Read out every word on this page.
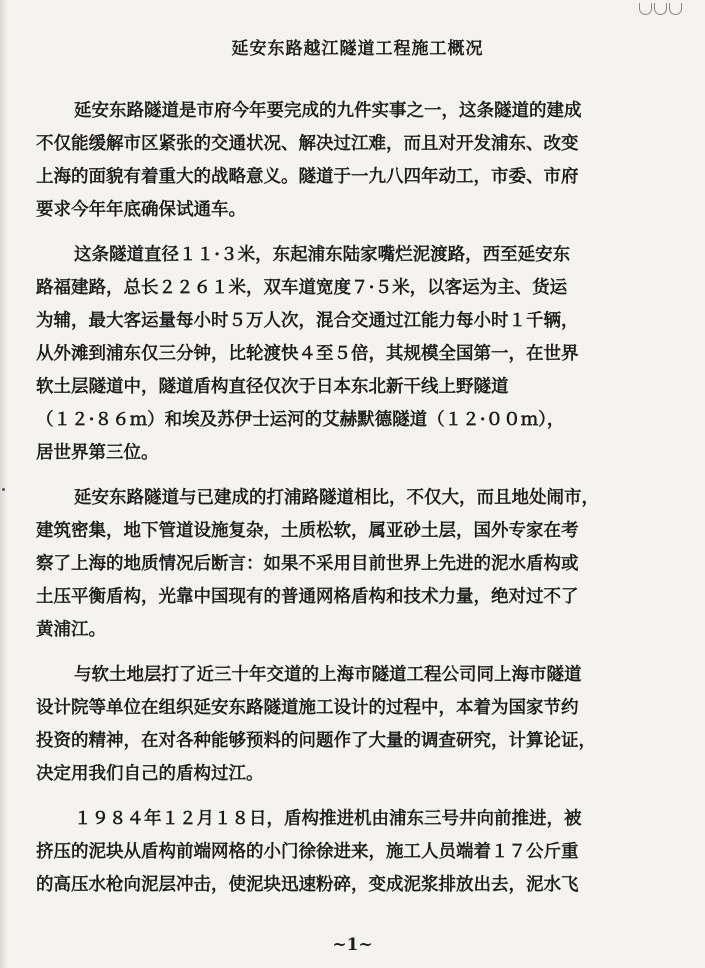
延安东路越江隧道工程施工概况
延安东路隧道是市府今年要完成的九件实事之一，这条隧道的建成
不仅能缓解市区紧张的交通状况、解决过江难，而且对开发浦东、改变
上海的面貌有着重大的战略意义。隧道于一九八四年动工，市委、市府
要求今年年底确保试通车。
这条隧道直径１１·３米，东起浦东陆家嘴烂泥渡路，西至延安东
路福建路，总长２２６１米，双车道宽度７·５米，以客运为主、货运
为辅，最大客运量每小时５万人次，混合交通过江能力每小时１千辆，
从外滩到浦东仅三分钟，比轮渡快４至５倍，其规模全国第一，在世界
软土层隧道中，隧道盾构直径仅次于日本东北新干线上野隧道
（１２·８６ｍ）和埃及苏伊士运河的艾赫默德隧道（１２·００ｍ），
居世界第三位。
延安东路隧道与已建成的打浦路隧道相比，不仅大，而且地处闹市，
建筑密集，地下管道设施复杂，土质松软，属亚砂土层，国外专家在考
察了上海的地质情况后断言：如果不采用目前世界上先进的泥水盾构或
土压平衡盾构，光靠中国现有的普通网格盾构和技术力量，绝对过不了
黄浦江。
与软土地层打了近三十年交道的上海市隧道工程公司同上海市隧道
设计院等单位在组织延安东路隧道施工设计的过程中，本着为国家节约
投资的精神，在对各种能够预料的问题作了大量的调查研究，计算论证，
决定用我们自己的盾构过江。
１９８４年１２月１８日，盾构推进机由浦东三号井向前推进，被
挤压的泥块从盾构前端网格的小门徐徐进来，施工人员端着１７公斤重
的高压水枪向泥层冲击，使泥块迅速粉碎，变成泥浆排放出去，泥水飞
~1~
